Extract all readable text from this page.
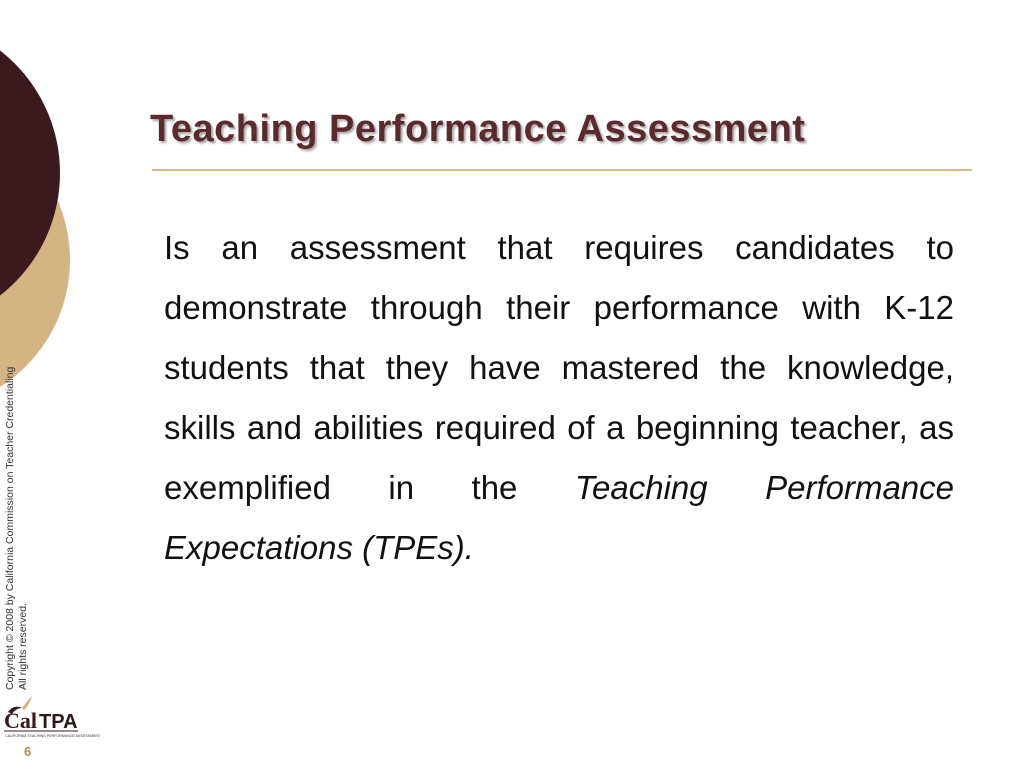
Teaching Performance Assessment

Is an assessment that requires candidates to demonstrate through their performance with K-12 students that they have mastered the knowledge, skills and abilities required of a beginning teacher, as exemplified in the Teaching Performance Expectations (TPEs).

Copyright © 2008 by California Commission on Teacher Credentialing All rights reserved.
Cal TPA
CALIFORNIA TEACHING PERFORMANCE ASSESSMENT
6
